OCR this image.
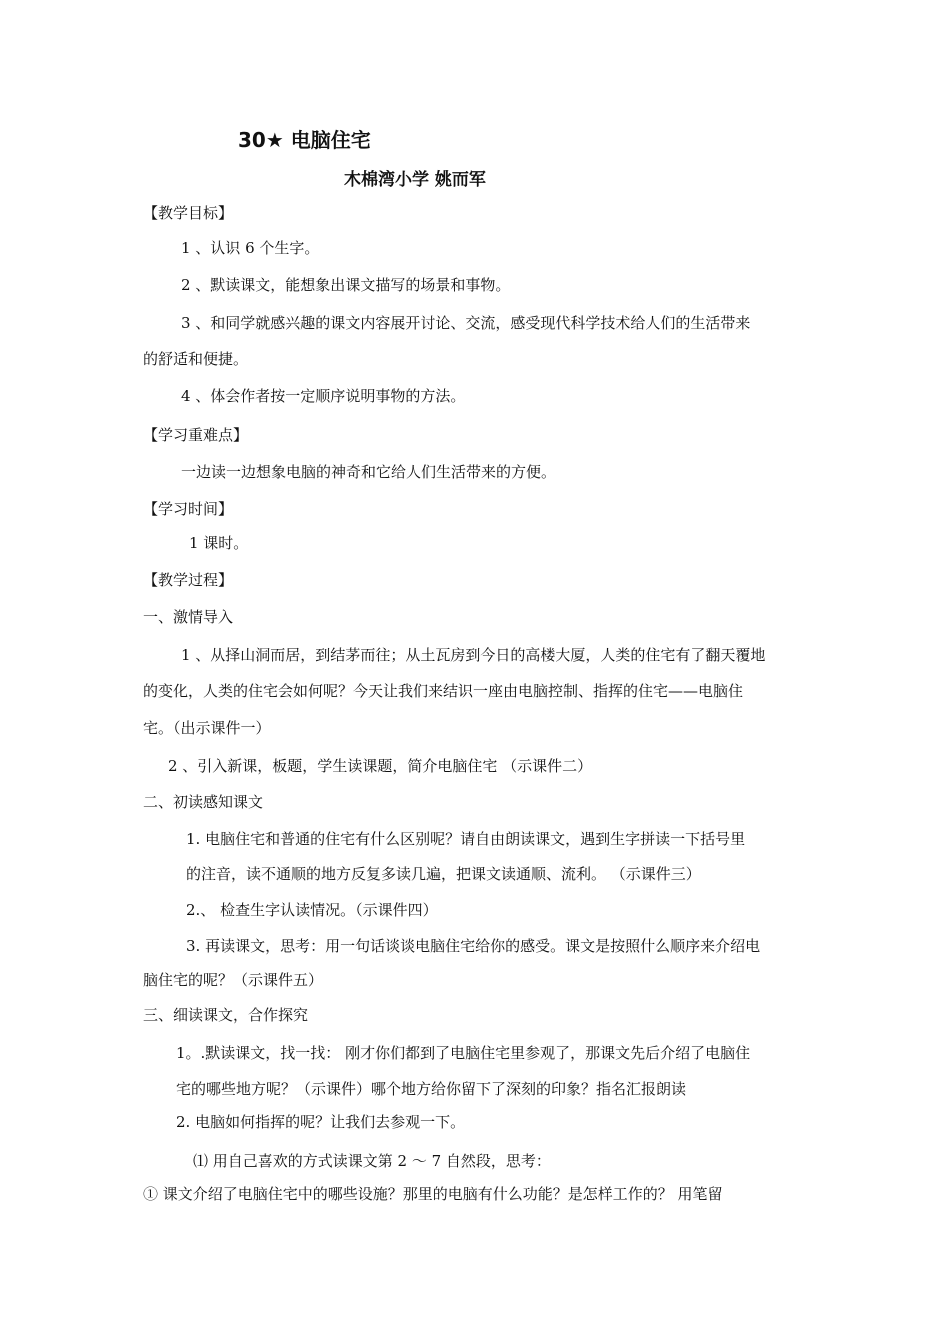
30★ 电脑住宅
木棉湾小学 姚而军
【教学目标】
1 、认识 6 个生字。
2 、默读课文，能想象出课文描写的场景和事物。
3 、和同学就感兴趣的课文内容展开讨论、交流，感受现代科学技术给人们的生活带来
的舒适和便捷。
4 、体会作者按一定顺序说明事物的方法。
【学习重难点】
一边读一边想象电脑的神奇和它给人们生活带来的方便。
【学习时间】
1 课时。
【教学过程】
一、激情导入
1 、从择山洞而居，到结茅而往；从土瓦房到今日的高楼大厦，人类的住宅有了翻天覆地
的变化，人类的住宅会如何呢？今天让我们来结识一座由电脑控制、指挥的住宅——电脑住
宅。（出示课件一）
2 、引入新课，板题，学生读课题，简介电脑住宅 （示课件二）
二、初读感知课文
1. 电脑住宅和普通的住宅有什么区别呢？请自由朗读课文，遇到生字拼读一下括号里
的注音，读不通顺的地方反复多读几遍，把课文读通顺、流利。 （示课件三）
2.、 检查生字认读情况。（示课件四）
3. 再读课文，思考：用一句话谈谈电脑住宅给你的感受。课文是按照什么顺序来介绍电
脑住宅的呢？（示课件五）
三、细读课文，合作探究
1。.默读课文，找一找： 刚才你们都到了电脑住宅里参观了，那课文先后介绍了电脑住
宅的哪些地方呢？（示课件）哪个地方给你留下了深刻的印象？指名汇报朗读
2. 电脑如何指挥的呢？让我们去参观一下。
⑴ 用自己喜欢的方式读课文第 2 ～ 7 自然段，思考：
① 课文介绍了电脑住宅中的哪些设施？那里的电脑有什么功能？是怎样工作的？ 用笔留
